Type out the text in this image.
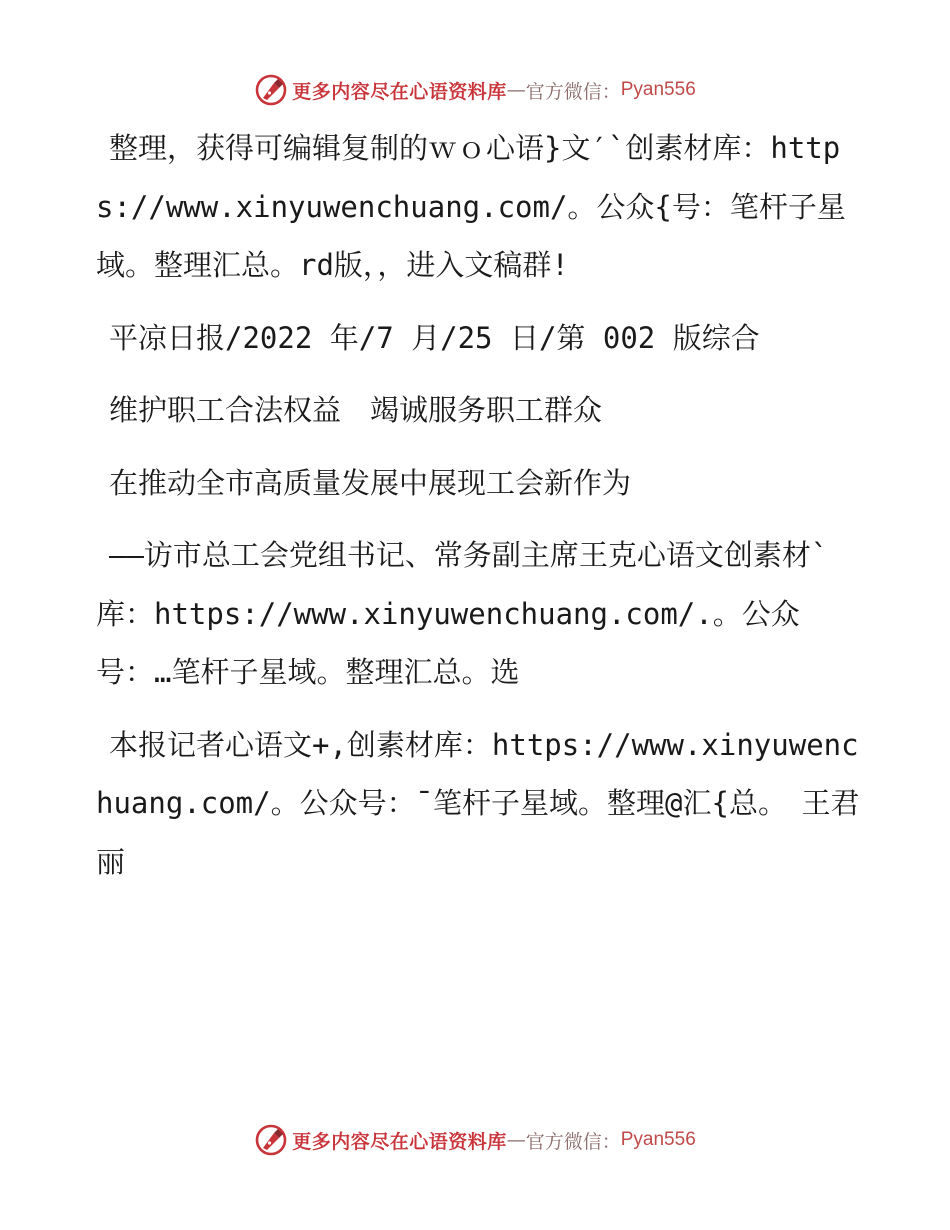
更多内容尽在心语资料库 — 官方微信： Pyan556

整理，获得可编辑复制的ｗｏ心语}文′`创素材库：https://www.xinyuwenchuang.com/。公众{号：笔杆子星域。整理汇总。rd版，，进入文稿群!

平凉日报/2022 年/7 月/25 日/第 002 版综合

维护职工合法权益　竭诚服务职工群众

在推动全市高质量发展中展现工会新作为

——访市总工会党组书记、常务副主席王克心语文创素材`库：https://www.xinyuwenchuang.com/.。公众号：…笔杆子星域。整理汇总。选

本报记者心语文+,创素材库：https://www.xinyuwenchuang.com/。公众号：¯笔杆子星域。整理@汇{总。　王君丽

更多内容尽在心语资料库 — 官方微信： Pyan556
